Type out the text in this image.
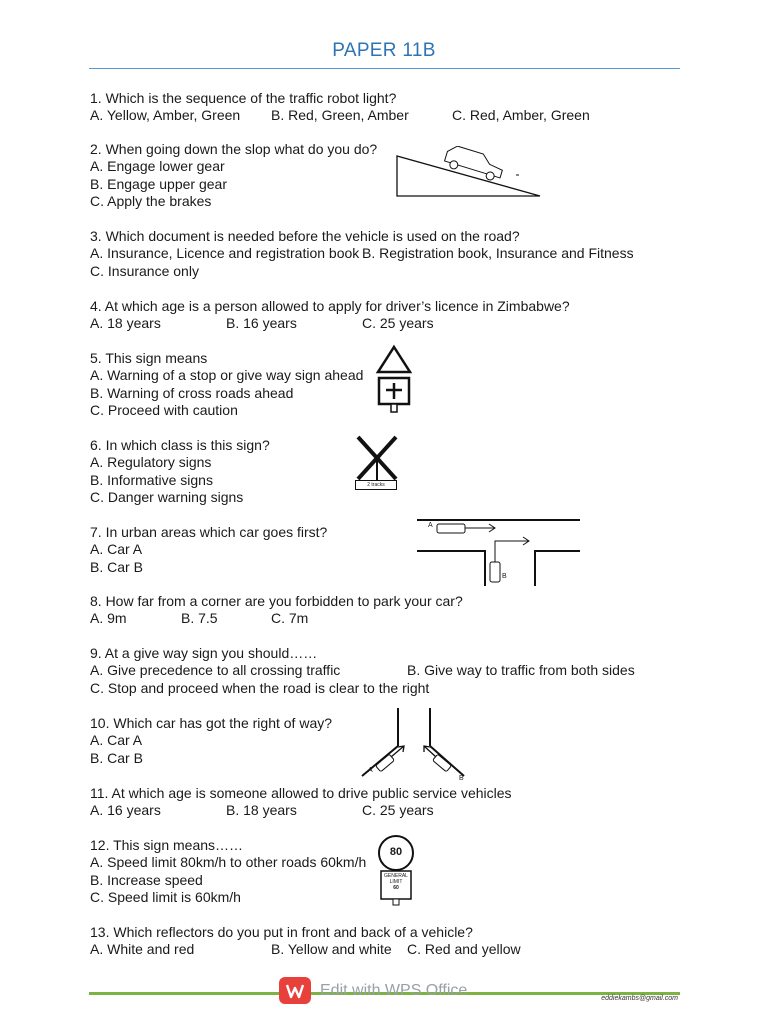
PAPER 11B
1. Which is the sequence of the traffic robot light?
A. Yellow, Amber, Green B. Red, Green, Amber	C. Red, Amber, Green
2. When going down the slop what do you do?
A. Engage lower gear
B. Engage upper gear
C. Apply the brakes
3. Which document is needed before the vehicle is used on the road?
A. Insurance, Licence and registration book B. Registration book, Insurance and Fitness
C. Insurance only
4. At which age is a person allowed to apply for driver’s licence in Zimbabwe?
A. 18 years	B. 16 years	C. 25 years
5. This sign means
A. Warning of a stop or give way sign ahead
B. Warning of cross roads ahead
C. Proceed with caution
6. In which class is this sign?
A. Regulatory signs
B. Informative signs
C. Danger warning signs
2 tracks
7. In urban areas which car goes first?
A. Car A
B. Car B
A
B
8. How far from a corner are you forbidden to park your car?
A. 9m	B. 7.5	C. 7m
9. At a give way sign you should……
A. Give precedence to all crossing traffic	B. Give way to traffic from both sides
C. Stop and proceed when the road is clear to the right
10. Which car has got the right of way?
A. Car A
B. Car B
A
B
11. At which age is someone allowed to drive public service vehicles
A. 16 years	B. 18 years	C. 25 years
12. This sign means……
A. Speed limit 80km/h to other roads 60km/h
B. Increase speed
C. Speed limit is 60km/h
80
GENERAL
LIMIT
60
13. Which reflectors do you put in front and back of a vehicle?
A. White and red	B. Yellow and white C. Red and yellow
Edit with WPS Office	eddiekambs@gmail.com
